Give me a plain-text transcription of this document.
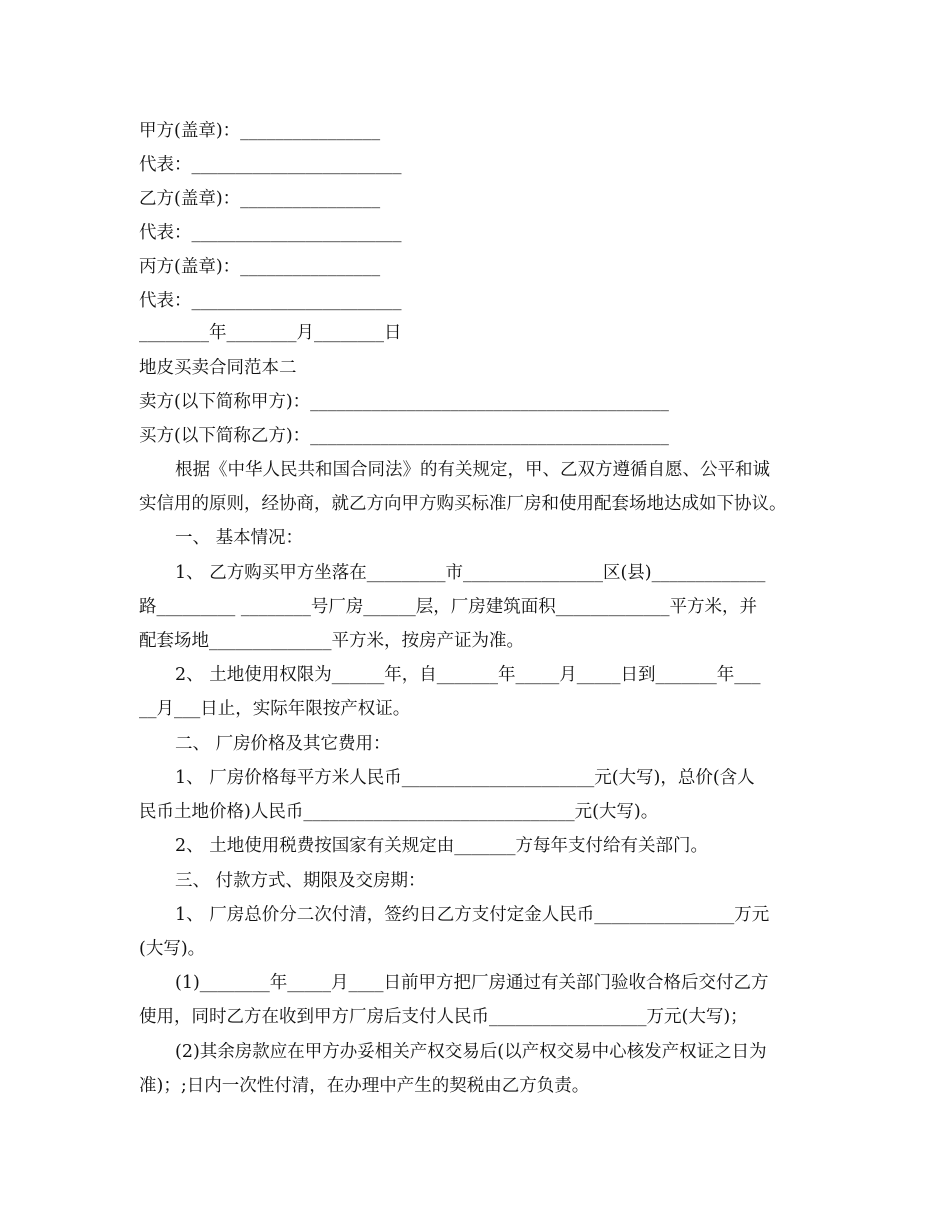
甲方(盖章)：________________
代表：________________________
乙方(盖章)：________________
代表：________________________
丙方(盖章)：________________
代表：________________________
________年________月________日
地皮买卖合同范本二
卖方(以下简称甲方)：_________________________________________
买方(以下简称乙方)：_________________________________________
根据《中华人民共和国合同法》的有关规定，甲、乙双方遵循自愿、公平和诚
实信用的原则，经协商，就乙方向甲方购买标准厂房和使用配套场地达成如下协议。
一、 基本情况：
1、 乙方购买甲方坐落在_________市________________区(县)_____________
路_________ ________号厂房______层，厂房建筑面积_____________平方米，并
配套场地______________平方米，按房产证为准。
2、 土地使用权限为______年，自_______年_____月_____日到_______年___
__月___日止，实际年限按产权证。
二、 厂房价格及其它费用：
1、 厂房价格每平方米人民币______________________元(大写)，总价(含人
民币土地价格)人民币_______________________________元(大写)。
2、 土地使用税费按国家有关规定由_______方每年支付给有关部门。
三、 付款方式、期限及交房期：
1、 厂房总价分二次付清，签约日乙方支付定金人民币________________万元
(大写)。
(1)________年_____月____日前甲方把厂房通过有关部门验收合格后交付乙方
使用，同时乙方在收到甲方厂房后支付人民币__________________万元(大写)；
(2)其余房款应在甲方办妥相关产权交易后(以产权交易中心核发产权证之日为
准)；;日内一次性付清，在办理中产生的契税由乙方负责。
